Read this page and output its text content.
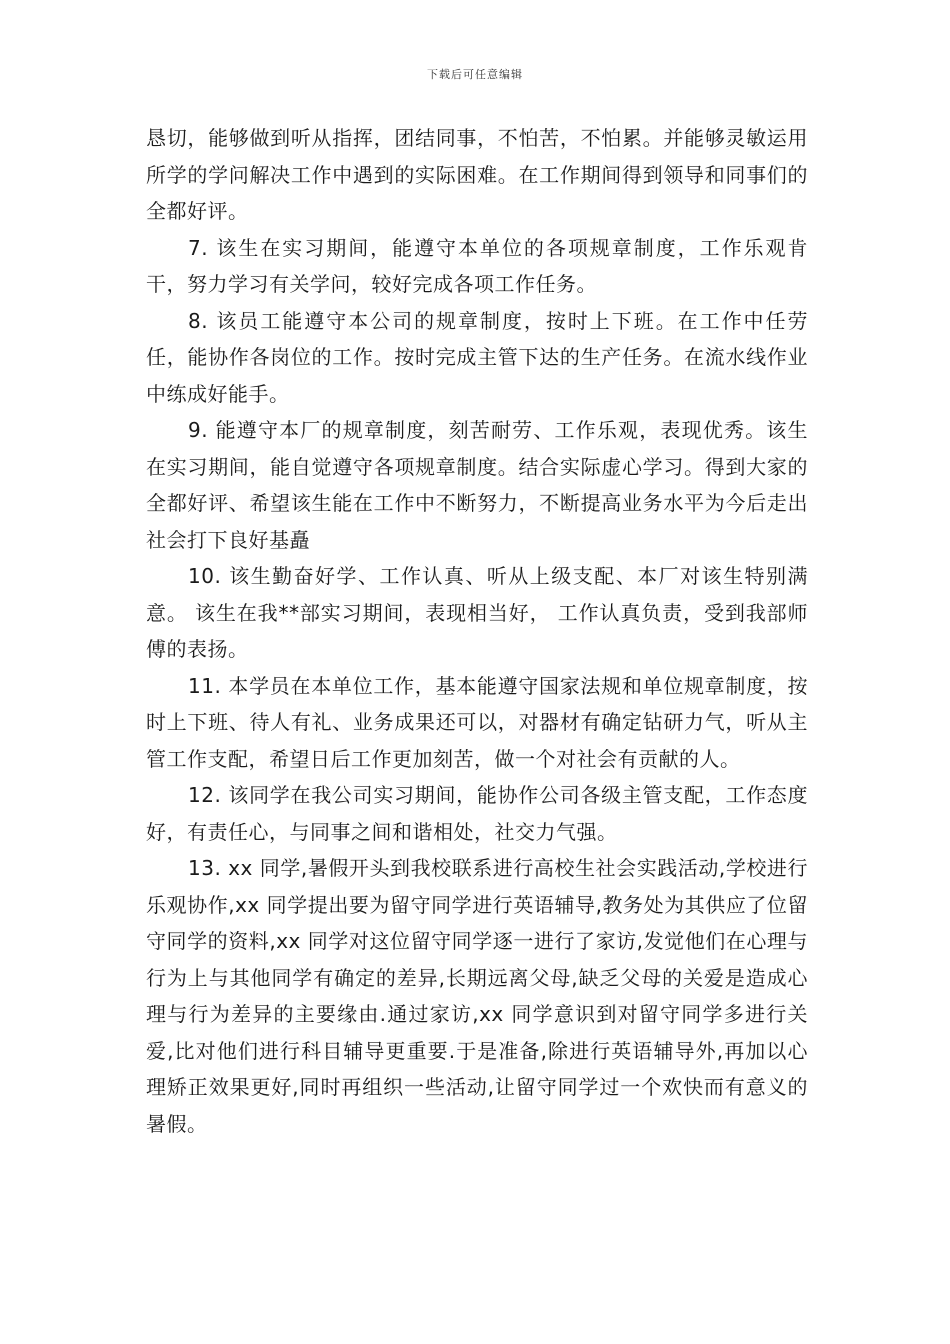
下载后可任意编辑

恳切，能够做到听从指挥，团结同事，不怕苦，不怕累。并能够灵敏运用所学的学问解决工作中遇到的实际困难。在工作期间得到领导和同事们的全都好评。

7. 该生在实习期间，能遵守本单位的各项规章制度，工作乐观肯干，努力学习有关学问，较好完成各项工作任务。

8. 该员工能遵守本公司的规章制度，按时上下班。在工作中任劳任，能协作各岗位的工作。按时完成主管下达的生产任务。在流水线作业中练成好能手。

9. 能遵守本厂的规章制度，刻苦耐劳、工作乐观，表现优秀。该生在实习期间，能自觉遵守各项规章制度。结合实际虚心学习。得到大家的全都好评、希望该生能在工作中不断努力，不断提高业务水平为今后走出社会打下良好基矗

10. 该生勤奋好学、工作认真、听从上级支配、本厂对该生特别满意。 该生在我**部实习期间，表现相当好， 工作认真负责，受到我部师傅的表扬。

11. 本学员在本单位工作，基本能遵守国家法规和单位规章制度，按时上下班、待人有礼、业务成果还可以，对器材有确定钻研力气，听从主管工作支配，希望日后工作更加刻苦，做一个对社会有贡献的人。

12. 该同学在我公司实习期间，能协作公司各级主管支配，工作态度好，有责任心，与同事之间和谐相处，社交力气强。

13. xx 同学,暑假开头到我校联系进行高校生社会实践活动,学校进行乐观协作,xx 同学提出要为留守同学进行英语辅导,教务处为其供应了位留守同学的资料,xx 同学对这位留守同学逐一进行了家访,发觉他们在心理与行为上与其他同学有确定的差异,长期远离父母,缺乏父母的关爱是造成心理与行为差异的主要缘由.通过家访,xx 同学意识到对留守同学多进行关爱,比对他们进行科目辅导更重要.于是准备,除进行英语辅导外,再加以心理矫正效果更好,同时再组织一些活动,让留守同学过一个欢快而有意义的暑假。
